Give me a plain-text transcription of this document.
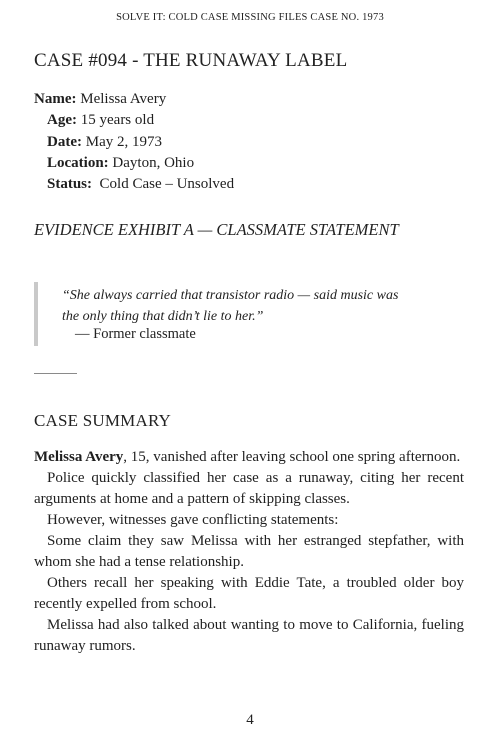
SOLVE IT: COLD CASE MISSING FILES CASE NO. 1973
CASE #094 - THE RUNAWAY LABEL
Name: Melissa Avery
Age: 15 years old
Date: May 2, 1973
Location: Dayton, Ohio
Status:  Cold Case – Unsolved
EVIDENCE EXHIBIT A — CLASSMATE STATEMENT
“She always carried that transistor radio — said music was
the only thing that didn’t lie to her.”
— Former classmate
CASE SUMMARY

Melissa Avery, 15, vanished after leaving school one spring afternoon.

Police quickly classified her case as a runaway, citing her recent arguments at home and a pattern of skipping classes.

However, witnesses gave conflicting statements:

Some claim they saw Melissa with her estranged stepfather, with whom she had a tense relationship.

Others recall her speaking with Eddie Tate, a troubled older boy recently expelled from school.

Melissa had also talked about wanting to move to California, fueling runaway rumors.

4
